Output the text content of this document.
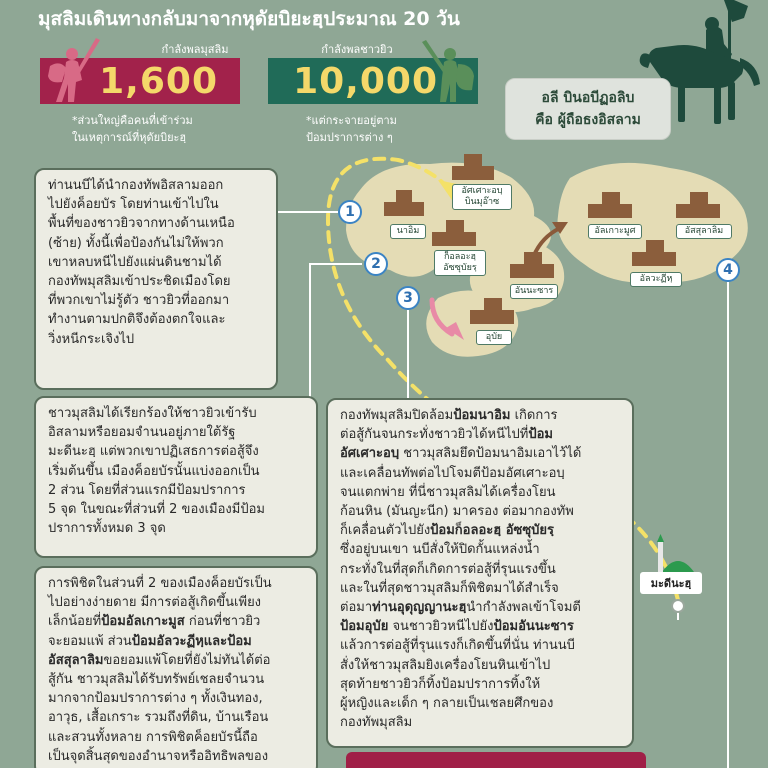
มุสลิมเดินทางกลับมาจากหุดัยบิยะฮฺประมาณ 20 วัน
กำลังพลมุสลิม
1,600
*ส่วนใหญ่คือคนที่เข้าร่วม
ในเหตุการณ์ที่หุดัยบิยะฮฺ
กำลังพลชาวยิว
10,000
*แต่กระจายอยู่ตาม
ป้อมปราการต่าง ๆ
อลี บินอบีฏอลิบ
คือ ผู้ถือธงอิสลาม
อัศเศาะอบฺ
บินมุอ๊าซ
นาอิม
ก็อลอะฮฺ
อัซซุบัยรฺ
อันนะซาร
อุบัย
อัลเกาะมูศ	อัสสุลาลิม
อัลวะฏีหฺ
1
2
3
4
มะดีนะฮฺ
ท่านนบีได้นำกองทัพอิสลามออก
ไปยังค็อยบัร โดยท่านเข้าไปใน
พื้นที่ของชาวยิวจากทางด้านเหนือ
(ซ้าย) ทั้งนี้เพื่อป้องกันไม่ให้พวก
เขาหลบหนีไปยังแผ่นดินชามได้
กองทัพมุสลิมเข้าประชิดเมืองโดย
ที่พวกเขาไม่รู้ตัว ชาวยิวที่ออกมา
ทำงานตามปกติจึงต้องตกใจและ
วิ่งหนีกระเจิงไป
ชาวมุสลิมได้เรียกร้องให้ชาวยิวเข้ารับ
อิสลามหรือยอมจำนนอยู่ภายใต้รัฐ
มะดีนะฮฺ แต่พวกเขาปฏิเสธการต่อสู้จึง
เริ่มต้นขึ้น เมืองค็อยบัรนั้นแบ่งออกเป็น
2 ส่วน โดยที่ส่วนแรกมีป้อมปราการ
5 จุด ในขณะที่ส่วนที่ 2 ของเมืองมีป้อม
ปราการทั้งหมด 3 จุด
กองทัพมุสลิมปิดล้อมป้อมนาอิม เกิดการ
ต่อสู้กันจนกระทั่งชาวยิวได้หนีไปที่ป้อม
อัศเศาะอบฺ ชาวมุสลิมยึดป้อมนาอิมเอาไว้ได้
และเคลื่อนทัพต่อไปโจมตีป้อมอัศเศาะอบฺ
จนแตกพ่าย ที่นี่ชาวมุสลิมได้เครื่องโยน
ก้อนหิน (มันญะนีก) มาครอง ต่อมากองทัพ
ก็เคลื่อนตัวไปยังป้อมก็อลอะฮฺ อัซซุบัยรฺ
ซึ่งอยู่บนเขา นบีสั่งให้ปิดกั้นแหล่งน้ำ
กระทั่งในที่สุดก็เกิดการต่อสู้ที่รุนแรงขึ้น
และในที่สุดชาวมุสลิมก็พิชิตมาได้สำเร็จ
ต่อมาท่านอุดุญญานะฮฺนำกำลังพลเข้าโจมตี
ป้อมอุบัย จนชาวยิวหนีไปยังป้อมอันนะซาร
แล้วการต่อสู้ที่รุนแรงก็เกิดขึ้นที่นั่น ท่านนบี
สั่งให้ชาวมุสลิมยิงเครื่องโยนหินเข้าไป
สุดท้ายชาวยิวก็ทิ้งป้อมปราการทิ้งให้
ผู้หญิงและเด็ก ๆ กลายเป็นเชลยศึกของ
กองทัพมุสลิม
การพิชิตในส่วนที่ 2 ของเมืองค็อยบัรเป็น
ไปอย่างง่ายดาย มีการต่อสู้เกิดขึ้นเพียง
เล็กน้อยที่ป้อมอัลเกาะมูส ก่อนที่ชาวยิว
จะยอมแพ้ ส่วนป้อมอัลวะฏีหฺและป้อม
อัสสุลาลิมขอยอมแพ้โดยที่ยังไม่ทันได้ต่อ
สู้กัน ชาวมุสลิมได้รับทรัพย์เชลยจำนวน
มากจากป้อมปราการต่าง ๆ ทั้งเงินทอง,
อาวุธ, เสื้อเกราะ รวมถึงที่ดิน, บ้านเรือน
และสวนทั้งหลาย การพิชิตค็อยบัรนี้ถือ
เป็นจุดสิ้นสุดของอำนาจหรืออิทธิพลของ
